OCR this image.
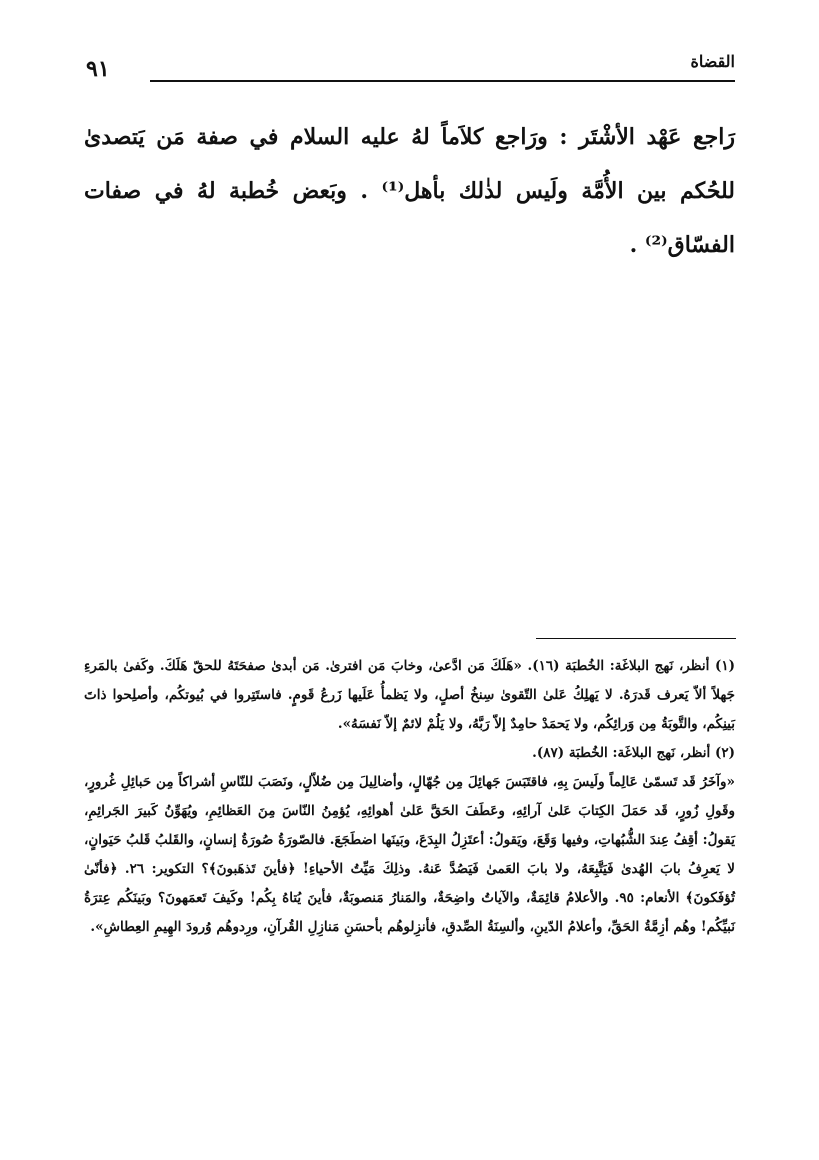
القضاة
٩١
رَاجع عَهْد الأشْتَر : ورَاجع كلاَماً لهُ عليه السلام في صفة مَن يَتصدىٰ للحُكم بين الأُمَّة ولَيس لذٰلك بأهل⁽¹⁾ . وبَعض خُطبة لهُ في صفات الفسّاق⁽²⁾ .

(١) أنظر، نَهج البلاغَة: الخُطبَة (١٦). «هَلَكَ مَن ادَّعىٰ، وخابَ مَن افترىٰ. مَن أبدىٰ صفحَتَهُ للحقّ هَلَكَ. وكَفىٰ بالمَرءِ جَهلاً ألاّ يَعرف قَدرَهُ. لا يَهلِكُ عَلىٰ التّقوىٰ سِنخُ أصلٍ، ولا يَظمأُ عَلَيها زَرعُ قَومٍ. فاستَتِروا في بُيوتكُم، وأصلِحوا ذاتَ بَينِكُم، والتَّوبَةُ مِن وَرائِكُم، ولا يَحمَدْ حامِدٌ إلاّ رَبَّهُ، ولا يَلُمْ لائمٌ إلاّ نَفسَهُ».

(٢) أنظر، نَهج البلاغَة: الخُطبَة (٨٧).
«وآخَرُ قَد تَسمّىٰ عَالِماً ولَيسَ بِهِ، فاقتَبَسَ جَهائِلَ مِن جُهّالٍ، وأضالِيلَ مِن ضُلاّلٍ، ونَصَبَ للنّاسِ أشراكاً مِن حَبائِلِ غُرورٍ، وقَولِ زُورٍ، قَد حَمَلَ الكِتابَ عَلىٰ آرائِهِ، وعَطَفَ الحَقَّ عَلىٰ أهوائِهِ، يُؤمِنُ النّاسَ مِنَ العَظائِمِ، ويُهَوِّنُ كَبيرَ الجَرائِمِ، يَقولُ: أقِفُ عِندَ الشُّبُهاتِ، وفيها وَقَعَ، ويَقولُ: أعتَزِلُ البِدَعَ، وبَينَها اضطَجَعَ. فالصّورَةُ صُورَةُ إنسانٍ، والقَلبُ قَلبُ حَيَوانٍ، لا يَعرِفُ بابَ الهُدىٰ فَيَتَّبِعَهُ، ولا بابَ العَمىٰ فَيَصُدَّ عَنهُ. وذلِكَ مَيِّتُ الأحياءِ! ﴿فأينَ تَذهَبونَ﴾؟ التكوير: ٢٦. ﴿فأنّىٰ تُؤفَكونَ﴾ الأنعام: ٩٥. والأعلامُ قائِمَةٌ، والآياتُ واضِحَةٌ، والمَنارُ مَنصوبَةٌ، فأينَ يُتاهُ بِكُم! وكَيفَ تَعمَهونَ؟ وبَينَكُم عِترَةُ نَبيِّكُم! وهُم أزِمَّةُ الحَقِّ، وأعلامُ الدّينِ، وألسِنَةُ الصِّدقِ، فأنزِلوهُم بأحسَنِ مَنازِلِ القُرآنِ، ورِدوهُم وُرودَ الهِيمِ العِطاشِ».
